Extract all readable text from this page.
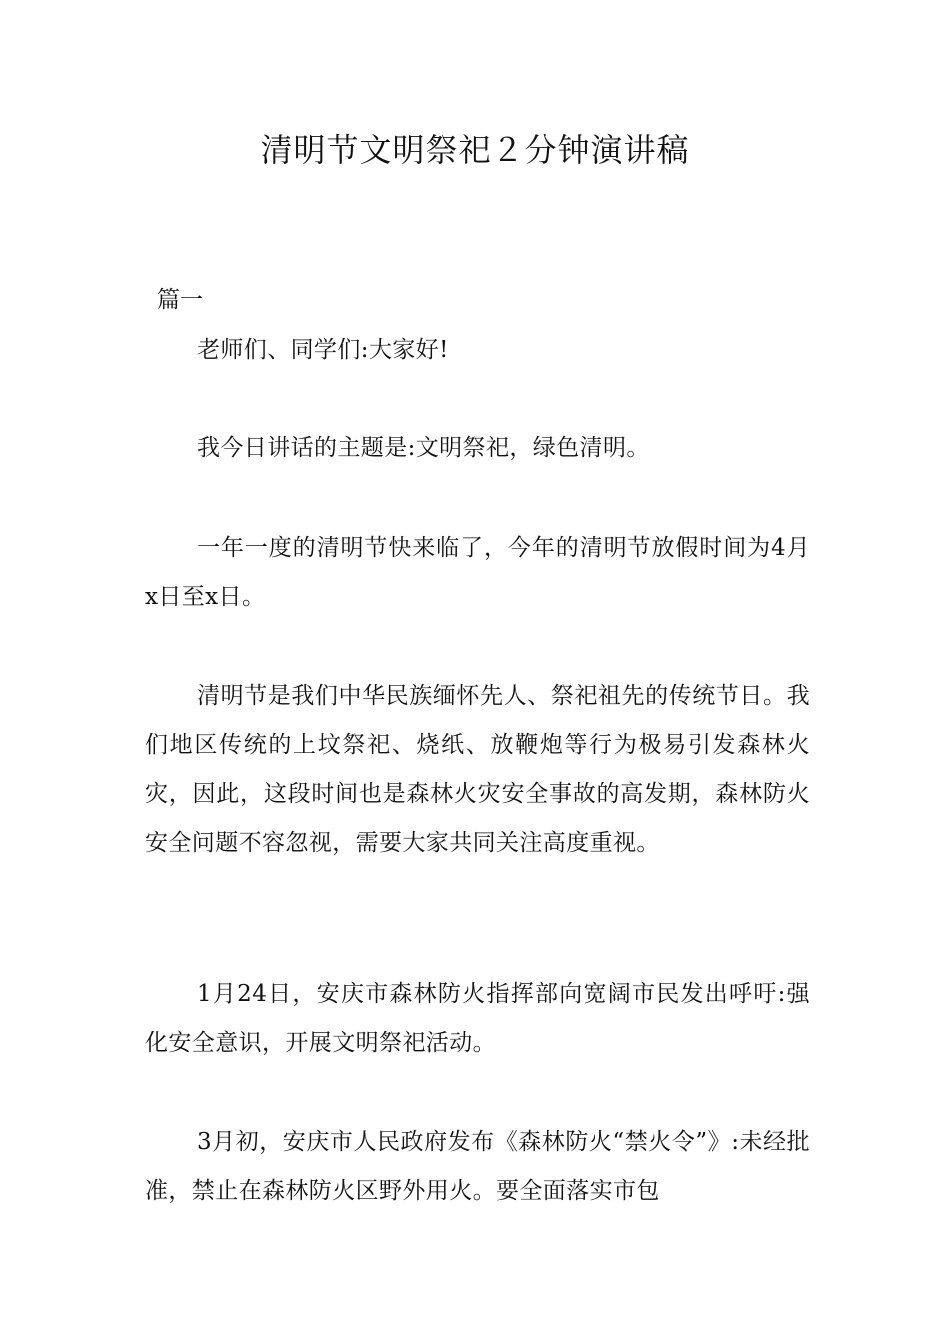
清明节文明祭祀２分钟演讲稿

篇一

老师们、同学们:大家好!

我今日讲话的主题是:文明祭祀，绿色清明。

一年一度的清明节快来临了，今年的清明节放假时间为4月x日至x日。

清明节是我们中华民族缅怀先人、祭祀祖先的传统节日。我们地区传统的上坟祭祀、烧纸、放鞭炮等行为极易引发森林火灾，因此，这段时间也是森林火灾安全事故的高发期，森林防火安全问题不容忽视，需要大家共同关注高度重视。

1月24日，安庆市森林防火指挥部向宽阔市民发出呼吁:强化安全意识，开展文明祭祀活动。

3月初，安庆市人民政府发布《森林防火“禁火令”》:未经批准，禁止在森林防火区野外用火。要全面落实市包
